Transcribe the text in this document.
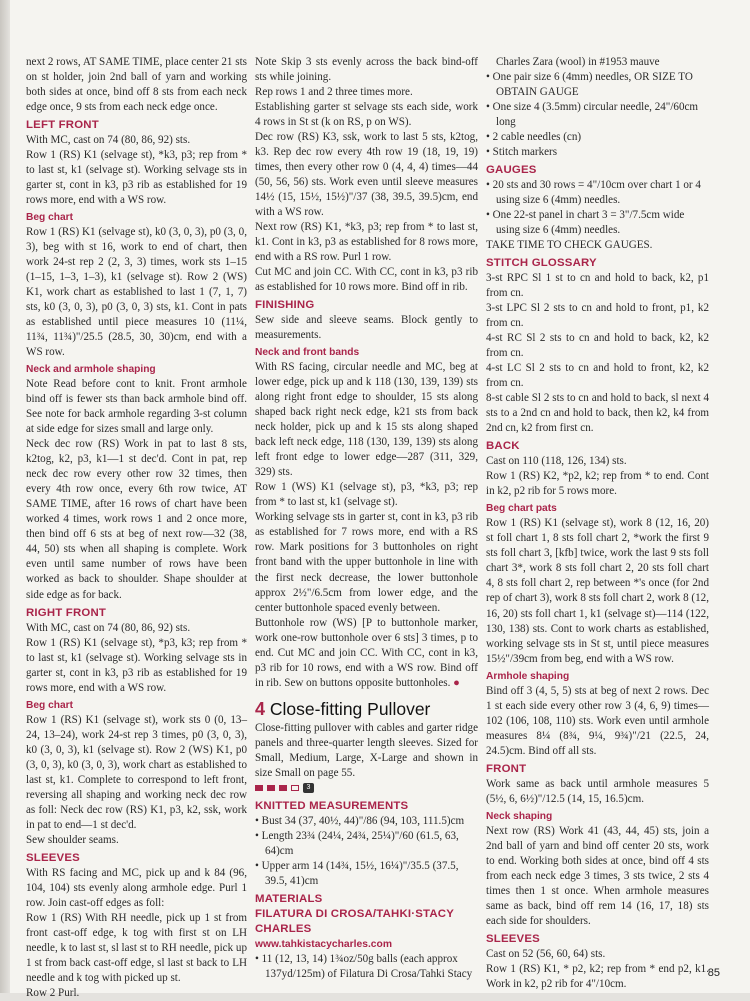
next 2 rows, AT SAME TIME, place center 21 sts on st holder, join 2nd ball of yarn and working both sides at once, bind off 8 sts from each neck edge once, 9 sts from each neck edge once.

LEFT FRONT

With MC, cast on 74 (80, 86, 92) sts.

Row 1 (RS) K1 (selvage st), *k3, p3; rep from * to last st, k1 (selvage st). Working selvage sts in garter st, cont in k3, p3 rib as established for 19 rows more, end with a WS row.

Beg chart

Row 1 (RS) K1 (selvage st), k0 (3, 0, 3), p0 (3, 0, 3), beg with st 16, work to end of chart, then work 24-st rep 2 (2, 3, 3) times, work sts 1–15 (1–15, 1–3, 1–3), k1 (selvage st). Row 2 (WS) K1, work chart as established to last 1 (7, 1, 7) sts, k0 (3, 0, 3), p0 (3, 0, 3) sts, k1. Cont in pats as established until piece measures 10 (11¼, 11¾, 11¾)"/25.5 (28.5, 30, 30)cm, end with a WS row.

Neck and armhole shaping

Note Read before cont to knit. Front armhole bind off is fewer sts than back armhole bind off. See note for back armhole regarding 3-st column at side edge for sizes small and large only.

Neck dec row (RS) Work in pat to last 8 sts, k2tog, k2, p3, k1—1 st dec'd. Cont in pat, rep neck dec row every other row 32 times, then every 4th row once, every 6th row twice, AT SAME TIME, after 16 rows of chart have been worked 4 times, work rows 1 and 2 once more, then bind off 6 sts at beg of next row—32 (38, 44, 50) sts when all shaping is complete. Work even until same number of rows have been worked as back to shoulder. Shape shoulder at side edge as for back.

RIGHT FRONT

With MC, cast on 74 (80, 86, 92) sts.

Row 1 (RS) K1 (selvage st), *p3, k3; rep from * to last st, k1 (selvage st). Working selvage sts in garter st, cont in k3, p3 rib as established for 19 rows more, end with a WS row.

Beg chart

Row 1 (RS) K1 (selvage st), work sts 0 (0, 13–24, 13–24), work 24-st rep 3 times, p0 (3, 0, 3), k0 (3, 0, 3), k1 (selvage st). Row 2 (WS) K1, p0 (3, 0, 3), k0 (3, 0, 3), work chart as established to last st, k1. Complete to correspond to left front, reversing all shaping and working neck dec row as foll: Neck dec row (RS) K1, p3, k2, ssk, work in pat to end—1 st dec'd.

Sew shoulder seams.

SLEEVES

With RS facing and MC, pick up and k 84 (96, 104, 104) sts evenly along armhole edge. Purl 1 row. Join cast-off edges as foll:

Row 1 (RS) With RH needle, pick up 1 st from front cast-off edge, k tog with first st on LH needle, k to last st, sl last st to RH needle, pick up 1 st from back cast-off edge, sl last st back to LH needle and k tog with picked up st.

Row 2 Purl.

Note Skip 3 sts evenly across the back bind-off sts while joining.

Rep rows 1 and 2 three times more.

Establishing garter st selvage sts each side, work 4 rows in St st (k on RS, p on WS).

Dec row (RS) K3, ssk, work to last 5 sts, k2tog, k3. Rep dec row every 4th row 19 (18, 19, 19) times, then every other row 0 (4, 4, 4) times—44 (50, 56, 56) sts. Work even until sleeve measures 14½ (15, 15½, 15½)"/37 (38, 39.5, 39.5)cm, end with a WS row.

Next row (RS) K1, *k3, p3; rep from * to last st, k1. Cont in k3, p3 as established for 8 rows more, end with a RS row. Purl 1 row.

Cut MC and join CC. With CC, cont in k3, p3 rib as established for 10 rows more. Bind off in rib.

FINISHING

Sew side and sleeve seams. Block gently to measurements.

Neck and front bands

With RS facing, circular needle and MC, beg at lower edge, pick up and k 118 (130, 139, 139) sts along right front edge to shoulder, 15 sts along shaped back right neck edge, k21 sts from back neck holder, pick up and k 15 sts along shaped back left neck edge, 118 (130, 139, 139) sts along left front edge to lower edge—287 (311, 329, 329) sts.

Row 1 (WS) K1 (selvage st), p3, *k3, p3; rep from * to last st, k1 (selvage st).

Working selvage sts in garter st, cont in k3, p3 rib as established for 7 rows more, end with a RS row. Mark positions for 3 buttonholes on right front band with the upper buttonhole in line with the first neck decrease, the lower buttonhole approx 2½"/6.5cm from lower edge, and the center buttonhole spaced evenly between.

Buttonhole row (WS) [P to buttonhole marker, work one-row buttonhole over 6 sts] 3 times, p to end. Cut MC and join CC. With CC, cont in k3, p3 rib for 10 rows, end with a WS row. Bind off in rib. Sew on buttons opposite buttonholes. ●

4 Close-fitting Pullover

Close-fitting pullover with cables and garter ridge panels and three-quarter length sleeves. Sized for Small, Medium, Large, X-Large and shown in size Small on page 55.

3
KNITTED MEASUREMENTS

• Bust 34 (37, 40½, 44)"/86 (94, 103, 111.5)cm

• Length 23¾ (24¼, 24¾, 25¼)"/60 (61.5, 63, 64)cm

• Upper arm 14 (14¾, 15½, 16¼)"/35.5 (37.5, 39.5, 41)cm

MATERIALS
FILATURA DI CROSA/TAHKI·STACY CHARLES
www.tahkistacycharles.com

• 11 (12, 13, 14) 1¾oz/50g balls (each approx 137yd/125m) of Filatura Di Crosa/Tahki Stacy

Charles Zara (wool) in #1953 mauve

• One pair size 6 (4mm) needles, OR SIZE TO OBTAIN GAUGE

• One size 4 (3.5mm) circular needle, 24"/60cm long

• 2 cable needles (cn)

• Stitch markers

GAUGES

• 20 sts and 30 rows = 4"/10cm over chart 1 or 4 using size 6 (4mm) needles.

• One 22-st panel in chart 3 = 3"/7.5cm wide using size 6 (4mm) needles.

TAKE TIME TO CHECK GAUGES.

STITCH GLOSSARY

3-st RPC Sl 1 st to cn and hold to back, k2, p1 from cn.

3-st LPC Sl 2 sts to cn and hold to front, p1, k2 from cn.

4-st RC Sl 2 sts to cn and hold to back, k2, k2 from cn.

4-st LC Sl 2 sts to cn and hold to front, k2, k2 from cn.

8-st cable Sl 2 sts to cn and hold to back, sl next 4 sts to a 2nd cn and hold to back, then k2, k4 from 2nd cn, k2 from first cn.

BACK

Cast on 110 (118, 126, 134) sts.

Row 1 (RS) K2, *p2, k2; rep from * to end. Cont in k2, p2 rib for 5 rows more.

Beg chart pats

Row 1 (RS) K1 (selvage st), work 8 (12, 16, 20) st foll chart 1, 8 sts foll chart 2, *work the first 9 sts foll chart 3, [kfb] twice, work the last 9 sts foll chart 3*, work 8 sts foll chart 2, 20 sts foll chart 4, 8 sts foll chart 2, rep between *'s once (for 2nd rep of chart 3), work 8 sts foll chart 2, work 8 (12, 16, 20) sts foll chart 1, k1 (selvage st)—114 (122, 130, 138) sts. Cont to work charts as established, working selvage sts in St st, until piece measures 15½"/39cm from beg, end with a WS row.

Armhole shaping

Bind off 3 (4, 5, 5) sts at beg of next 2 rows. Dec 1 st each side every other row 3 (4, 6, 9) times—102 (106, 108, 110) sts. Work even until armhole measures 8¼ (8¾, 9¼, 9¾)"/21 (22.5, 24, 24.5)cm. Bind off all sts.

FRONT

Work same as back until armhole measures 5 (5½, 6, 6½)"/12.5 (14, 15, 16.5)cm.

Neck shaping

Next row (RS) Work 41 (43, 44, 45) sts, join a 2nd ball of yarn and bind off center 20 sts, work to end. Working both sides at once, bind off 4 sts from each neck edge 3 times, 3 sts twice, 2 sts 4 times then 1 st once. When armhole measures same as back, bind off rem 14 (16, 17, 18) sts each side for shoulders.

SLEEVES

Cast on 52 (56, 60, 64) sts.

Row 1 (RS) K1, * p2, k2; rep from * end p2, k1. Work in k2, p2 rib for 4"/10cm.

85
